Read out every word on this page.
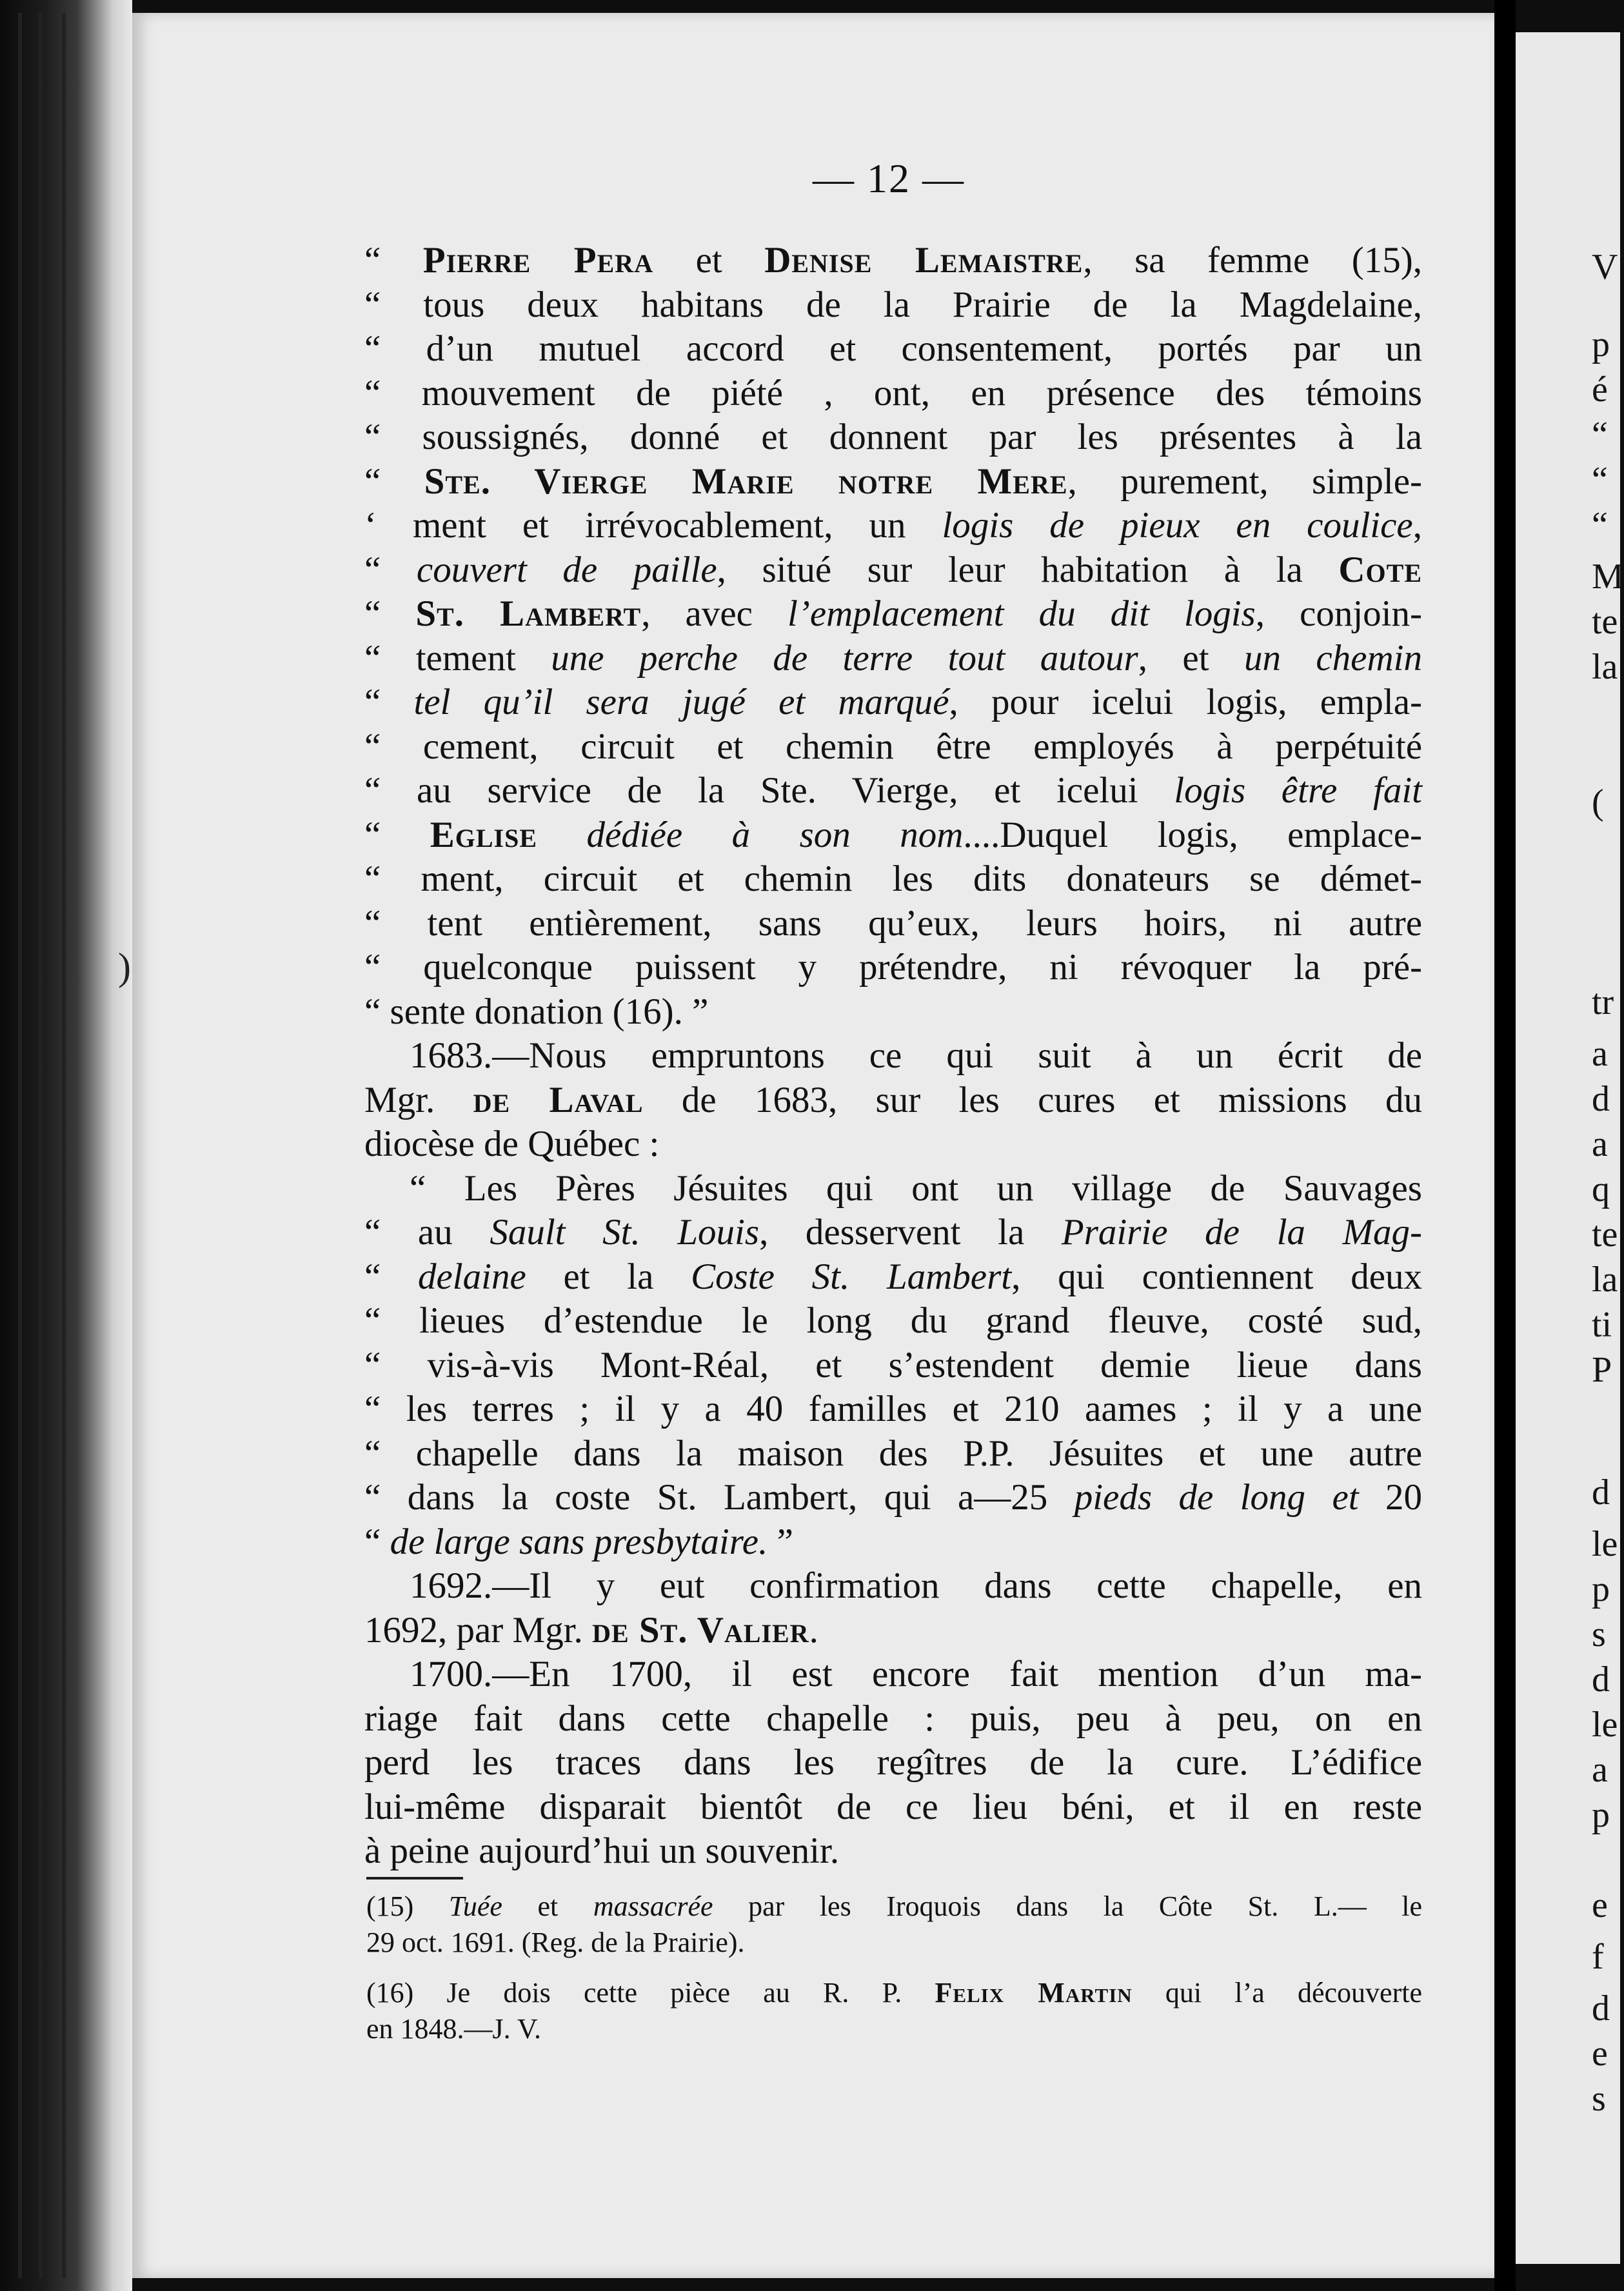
V
p
é
“
“
“
M
te
la
(
tr
a
d
a
q
te
la
ti
P
d
le
p
s
d
le
a
p
e
f
d
e
s
)
— 12 —
“ Pierre Pera et Denise Lemaistre, sa femme (15),
“ tous deux habitans de la Prairie de la Magdelaine,
“ d’un mutuel accord et consentement, portés par un
“ mouvement de piété , ont, en présence des témoins
“ soussignés, donné et donnent par les présentes à la
“ Ste. Vierge Marie notre Mere, purement, simple-
‘ ment et irrévocablement, un logis de pieux en coulice,
“ couvert de paille, situé sur leur habitation à la Cote
“ St. Lambert, avec l’emplacement du dit logis, conjoin-
“ tement une perche de terre tout autour, et un chemin
“ tel qu’il sera jugé et marqué, pour icelui logis, empla-
“ cement, circuit et chemin être employés à perpétuité
“ au service de la Ste. Vierge, et icelui logis être fait
“ Eglise dédiée à son nom....Duquel logis, emplace-
“ ment, circuit et chemin les dits donateurs se démet-
“ tent entièrement, sans qu’eux, leurs hoirs, ni autre
“ quelconque puissent y prétendre, ni révoquer la pré-
“ sente donation (16). ”
1683.—Nous empruntons ce qui suit à un écrit de
Mgr. de Laval de 1683, sur les cures et missions du
diocèse de Québec :
“ Les Pères Jésuites qui ont un village de Sauvages
“ au Sault St. Louis, desservent la Prairie de la Mag-
“ delaine et la Coste St. Lambert, qui contiennent deux
“ lieues d’estendue le long du grand fleuve, costé sud,
“ vis-à-vis Mont-Réal, et s’estendent demie lieue dans
“ les terres ; il y a 40 familles et 210 aames ; il y a une
“ chapelle dans la maison des P.P. Jésuites et une autre
“ dans la coste St. Lambert, qui a—25 pieds de long et 20
“ de large sans presbytaire. ”
1692.—Il y eut confirmation dans cette chapelle, en
1692, par Mgr. de St. Valier.
1700.—En 1700, il est encore fait mention d’un ma-
riage fait dans cette chapelle : puis, peu à peu, on en
perd les traces dans les regîtres de la cure. L’édifice
lui-même disparait bientôt de ce lieu béni, et il en reste
à peine aujourd’hui un souvenir.
(15) Tuée et massacrée par les Iroquois dans la Côte St. L.— le
29 oct. 1691. (Reg. de la Prairie).
(16) Je dois cette pièce au R. P. Felix Martin qui l’a découverte
en 1848.—J. V.
